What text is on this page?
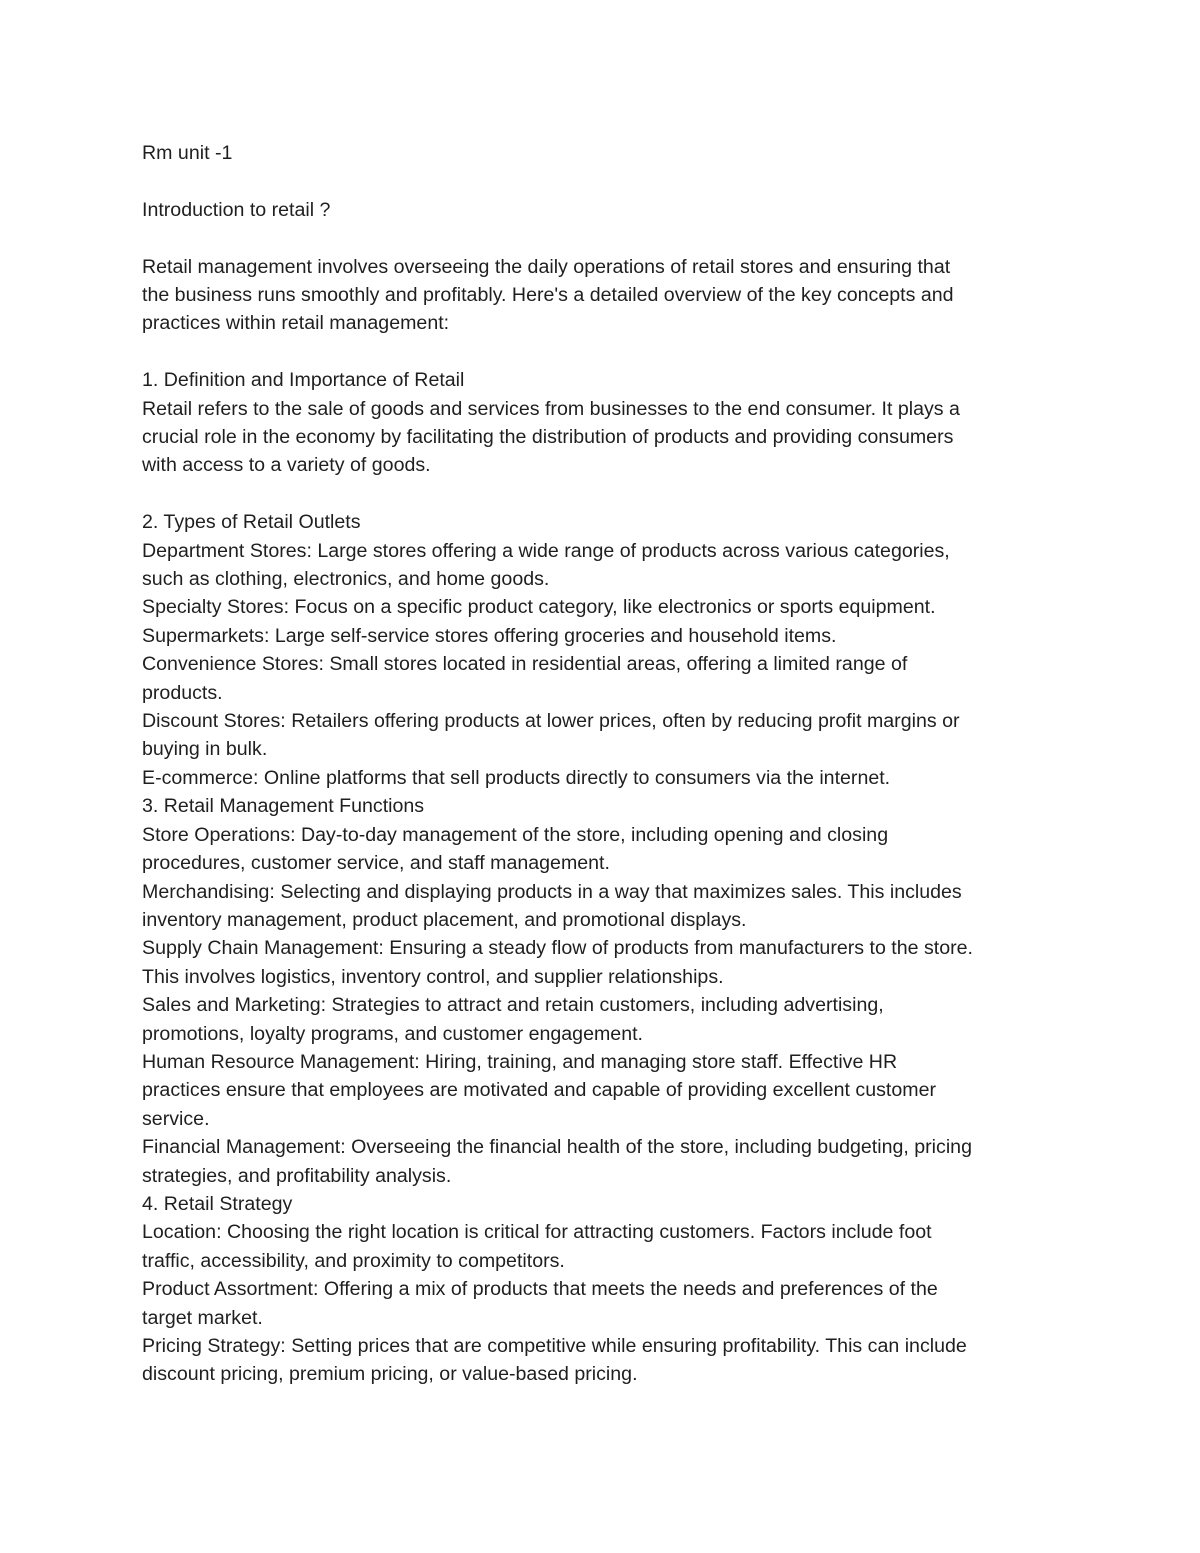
Rm unit -1
Introduction to retail ?
Retail management involves overseeing the daily operations of retail stores and ensuring that
the business runs smoothly and profitably. Here's a detailed overview of the key concepts and
practices within retail management:
1. Definition and Importance of Retail
Retail refers to the sale of goods and services from businesses to the end consumer. It plays a
crucial role in the economy by facilitating the distribution of products and providing consumers
with access to a variety of goods.
2. Types of Retail Outlets
Department Stores: Large stores offering a wide range of products across various categories,
such as clothing, electronics, and home goods.
Specialty Stores: Focus on a specific product category, like electronics or sports equipment.
Supermarkets: Large self-service stores offering groceries and household items.
Convenience Stores: Small stores located in residential areas, offering a limited range of
products.
Discount Stores: Retailers offering products at lower prices, often by reducing profit margins or
buying in bulk.
E-commerce: Online platforms that sell products directly to consumers via the internet.
3. Retail Management Functions
Store Operations: Day-to-day management of the store, including opening and closing
procedures, customer service, and staff management.
Merchandising: Selecting and displaying products in a way that maximizes sales. This includes
inventory management, product placement, and promotional displays.
Supply Chain Management: Ensuring a steady flow of products from manufacturers to the store.
This involves logistics, inventory control, and supplier relationships.
Sales and Marketing: Strategies to attract and retain customers, including advertising,
promotions, loyalty programs, and customer engagement.
Human Resource Management: Hiring, training, and managing store staff. Effective HR
practices ensure that employees are motivated and capable of providing excellent customer
service.
Financial Management: Overseeing the financial health of the store, including budgeting, pricing
strategies, and profitability analysis.
4. Retail Strategy
Location: Choosing the right location is critical for attracting customers. Factors include foot
traffic, accessibility, and proximity to competitors.
Product Assortment: Offering a mix of products that meets the needs and preferences of the
target market.
Pricing Strategy: Setting prices that are competitive while ensuring profitability. This can include
discount pricing, premium pricing, or value-based pricing.
